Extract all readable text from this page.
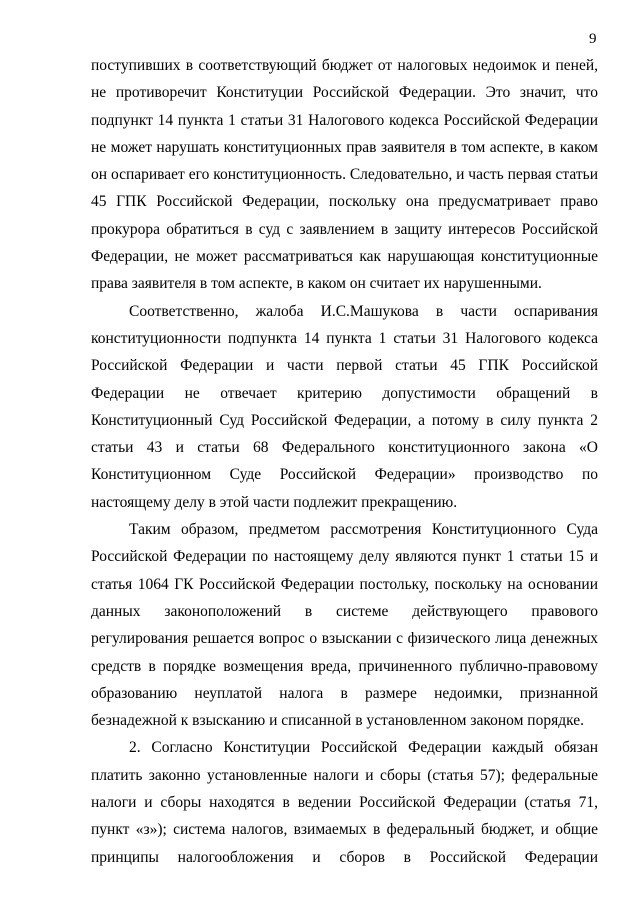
9
поступивших в соответствующий бюджет от налоговых недоимок и пеней,
не противоречит Конституции Российской Федерации. Это значит, что
подпункт 14 пункта 1 статьи 31 Налогового кодекса Российской Федерации
не может нарушать конституционных прав заявителя в том аспекте, в каком
он оспаривает его конституционность. Следовательно, и часть первая статьи
45 ГПК Российской Федерации, поскольку она предусматривает право
прокурора обратиться в суд с заявлением в защиту интересов Российской
Федерации, не может рассматриваться как нарушающая конституционные
права заявителя в том аспекте, в каком он считает их нарушенными.
Соответственно, жалоба И.С.Машукова в части оспаривания
конституционности подпункта 14 пункта 1 статьи 31 Налогового кодекса
Российской Федерации и части первой статьи 45 ГПК Российской
Федерации не отвечает критерию допустимости обращений в
Конституционный Суд Российской Федерации, а потому в силу пункта 2
статьи 43 и статьи 68 Федерального конституционного закона «О
Конституционном Суде Российской Федерации» производство по
настоящему делу в этой части подлежит прекращению.
Таким образом, предметом рассмотрения Конституционного Суда
Российской Федерации по настоящему делу являются пункт 1 статьи 15 и
статья 1064 ГК Российской Федерации постольку, поскольку на основании
данных законоположений в системе действующего правового
регулирования решается вопрос о взыскании с физического лица денежных
средств в порядке возмещения вреда, причиненного публично-правовому
образованию неуплатой налога в размере недоимки, признанной
безнадежной к взысканию и списанной в установленном законом порядке.
2. Согласно Конституции Российской Федерации каждый обязан
платить законно установленные налоги и сборы (статья 57); федеральные
налоги и сборы находятся в ведении Российской Федерации (статья 71,
пункт «з»); система налогов, взимаемых в федеральный бюджет, и общие
принципы налогообложения и сборов в Российской Федерации
